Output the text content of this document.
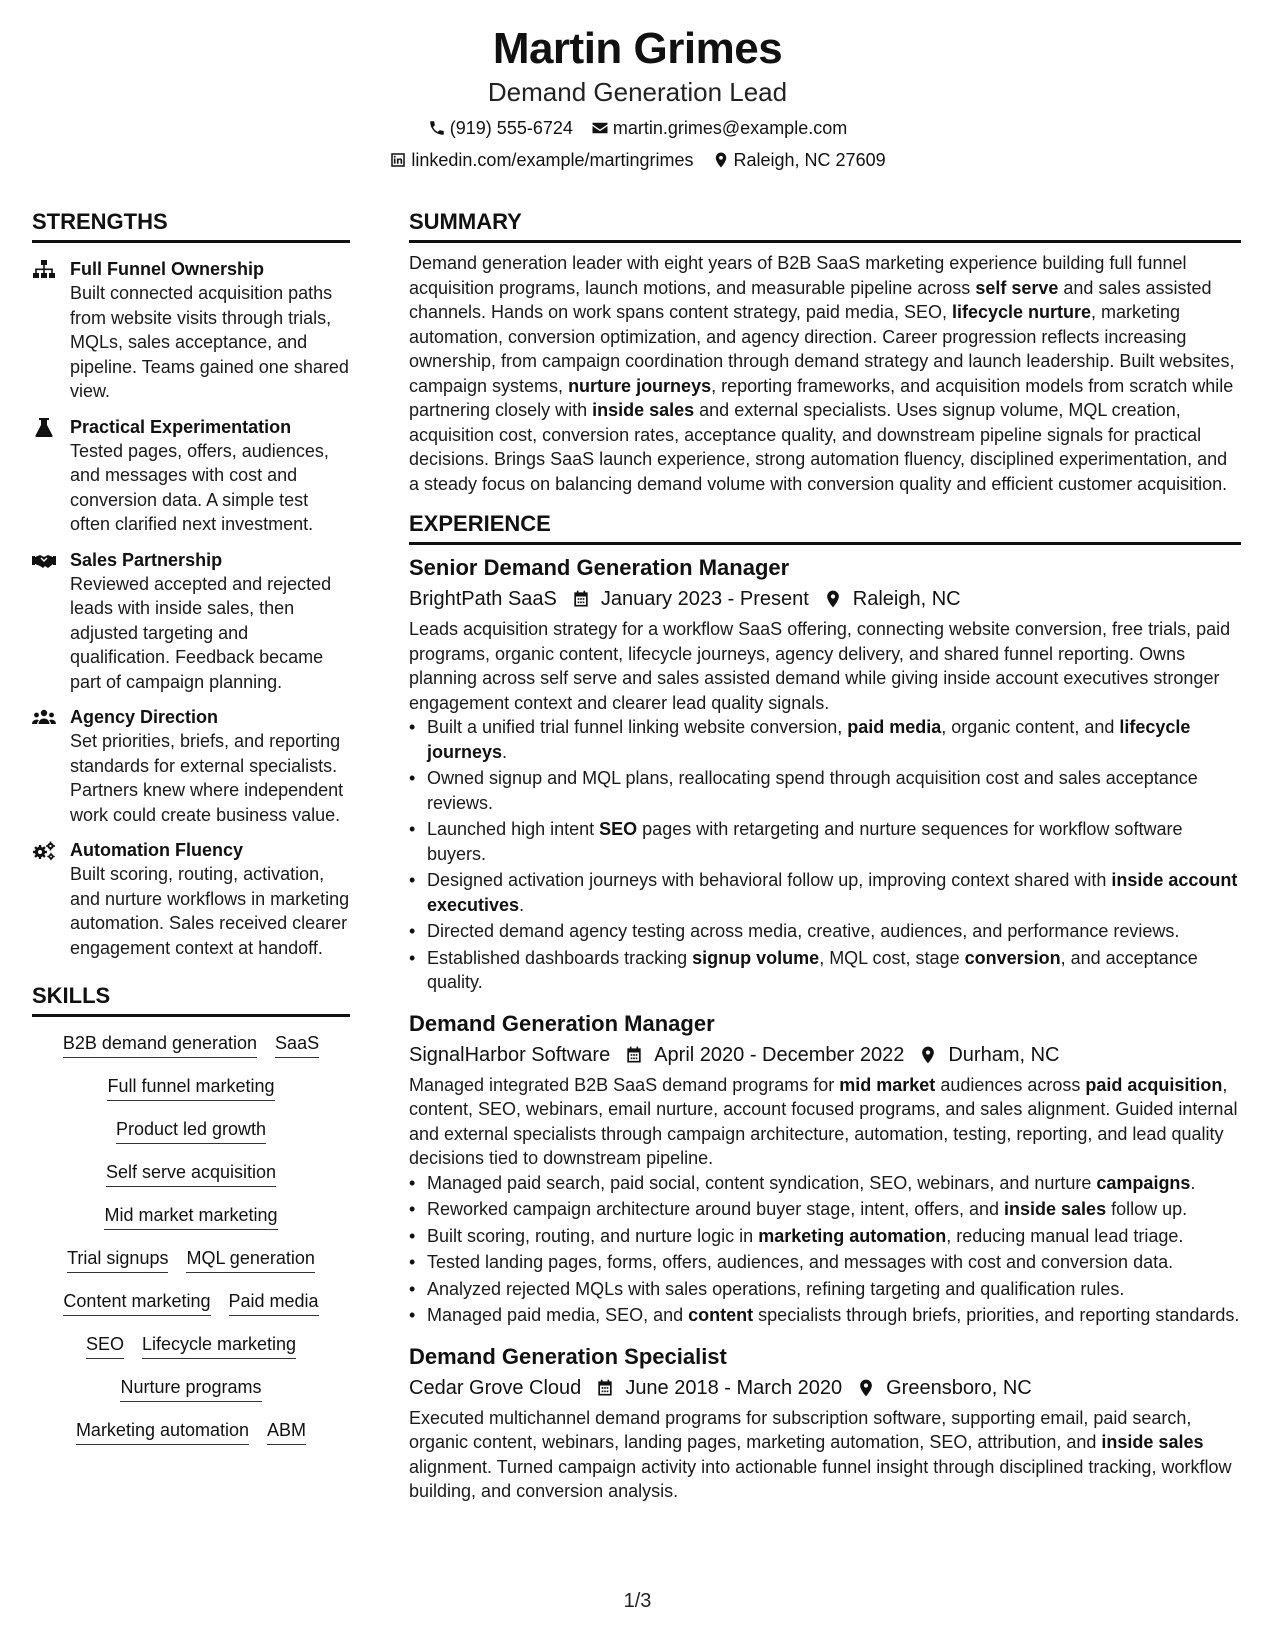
Martin Grimes
Demand Generation Lead
(919) 555-6724 martin.grimes@example.com
linkedin.com/example/martingrimes Raleigh, NC 27609
STRENGTHS
Full Funnel Ownership
Built connected acquisition paths from website visits through trials, MQLs, sales acceptance, and pipeline. Teams gained one shared view.
Practical Experimentation
Tested pages, offers, audiences, and messages with cost and conversion data. A simple test often clarified next investment.
Sales Partnership
Reviewed accepted and rejected leads with inside sales, then adjusted targeting and qualification. Feedback became part of campaign planning.
Agency Direction
Set priorities, briefs, and reporting standards for external specialists. Partners knew where independent work could create business value.
Automation Fluency
Built scoring, routing, activation, and nurture workflows in marketing automation. Sales received clearer engagement context at handoff.
SKILLS
B2B demand generation SaaS
Full funnel marketing
Product led growth
Self serve acquisition
Mid market marketing
Trial signups MQL generation
Content marketing Paid media
SEO Lifecycle marketing
Nurture programs
Marketing automation ABM
SUMMARY
Demand generation leader with eight years of B2B SaaS marketing experience building full funnel acquisition programs, launch motions, and measurable pipeline across self serve and sales assisted channels. Hands on work spans content strategy, paid media, SEO, lifecycle nurture, marketing automation, conversion optimization, and agency direction. Career progression reflects increasing ownership, from campaign coordination through demand strategy and launch leadership. Built websites, campaign systems, nurture journeys, reporting frameworks, and acquisition models from scratch while partnering closely with inside sales and external specialists. Uses signup volume, MQL creation, acquisition cost, conversion rates, acceptance quality, and downstream pipeline signals for practical decisions. Brings SaaS launch experience, strong automation fluency, disciplined experimentation, and a steady focus on balancing demand volume with conversion quality and efficient customer acquisition.
EXPERIENCE
Senior Demand Generation Manager
BrightPath SaaS January 2023 - Present Raleigh, NC
Leads acquisition strategy for a workflow SaaS offering, connecting website conversion, free trials, paid programs, organic content, lifecycle journeys, agency delivery, and shared funnel reporting. Owns planning across self serve and sales assisted demand while giving inside account executives stronger engagement context and clearer lead quality signals.
• Built a unified trial funnel linking website conversion, paid media, organic content, and lifecycle journeys.
• Owned signup and MQL plans, reallocating spend through acquisition cost and sales acceptance reviews.
• Launched high intent SEO pages with retargeting and nurture sequences for workflow software buyers.
• Designed activation journeys with behavioral follow up, improving context shared with inside account executives.
• Directed demand agency testing across media, creative, audiences, and performance reviews.
• Established dashboards tracking signup volume, MQL cost, stage conversion, and acceptance quality.
Demand Generation Manager
SignalHarbor Software April 2020 - December 2022 Durham, NC
Managed integrated B2B SaaS demand programs for mid market audiences across paid acquisition, content, SEO, webinars, email nurture, account focused programs, and sales alignment. Guided internal and external specialists through campaign architecture, automation, testing, reporting, and lead quality decisions tied to downstream pipeline.
• Managed paid search, paid social, content syndication, SEO, webinars, and nurture campaigns.
• Reworked campaign architecture around buyer stage, intent, offers, and inside sales follow up.
• Built scoring, routing, and nurture logic in marketing automation, reducing manual lead triage.
• Tested landing pages, forms, offers, audiences, and messages with cost and conversion data.
• Analyzed rejected MQLs with sales operations, refining targeting and qualification rules.
• Managed paid media, SEO, and content specialists through briefs, priorities, and reporting standards.
Demand Generation Specialist
Cedar Grove Cloud June 2018 - March 2020 Greensboro, NC
Executed multichannel demand programs for subscription software, supporting email, paid search, organic content, webinars, landing pages, marketing automation, SEO, attribution, and inside sales alignment. Turned campaign activity into actionable funnel insight through disciplined tracking, workflow building, and conversion analysis.
1/3
